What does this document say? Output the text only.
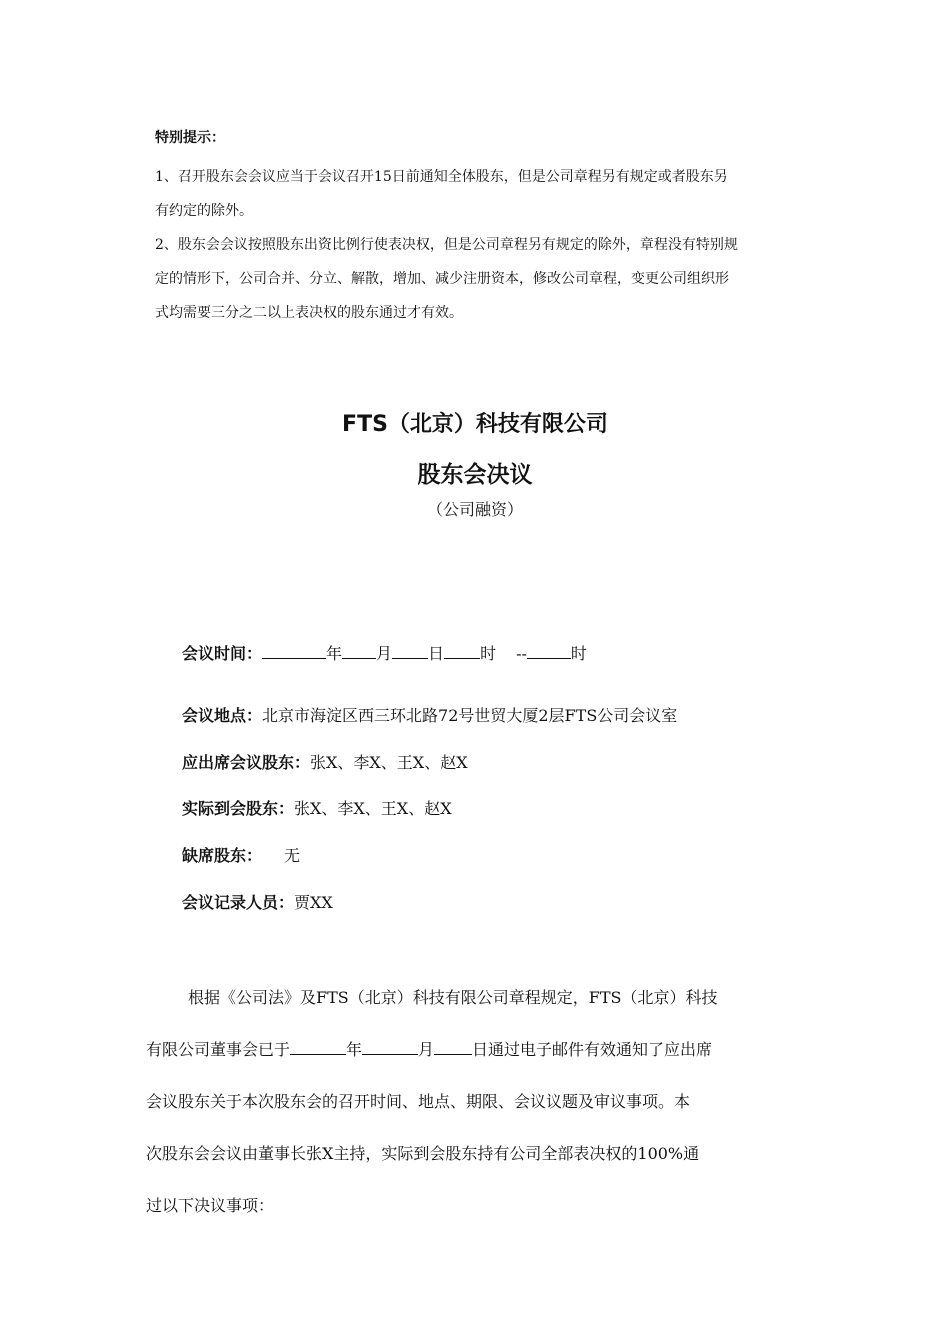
特别提示：

1、召开股东会会议应当于会议召开15日前通知全体股东，但是公司章程另有规定或者股东另

有约定的除外。

2、股东会会议按照股东出资比例行使表决权，但是公司章程另有规定的除外，章程没有特别规

定的情形下，公司合并、分立、解散，增加、减少注册资本，修改公司章程，变更公司组织形

式均需要三分之二以上表决权的股东通过才有效。

FTS（北京）科技有限公司

股东会决议

（公司融资）

会议时间：	年 月 日 时 --	时
会议地点：北京市海淀区西三环北路72号世贸大厦2层FTS公司会议室
应出席会议股东：张X、李X、王X、赵X
实际到会股东：张X、李X、王X、赵X
缺席股东： 无
会议记录人员：贾XX

根据《公司法》及FTS（北京）科技有限公司章程规定，FTS（北京）科技

有限公司董事会已于	年	月 日通过电子邮件有效通知了应出席

会议股东关于本次股东会的召开时间、地点、期限、会议议题及审议事项。本

次股东会会议由董事长张X主持，实际到会股东持有公司全部表决权的100%通

过以下决议事项：
